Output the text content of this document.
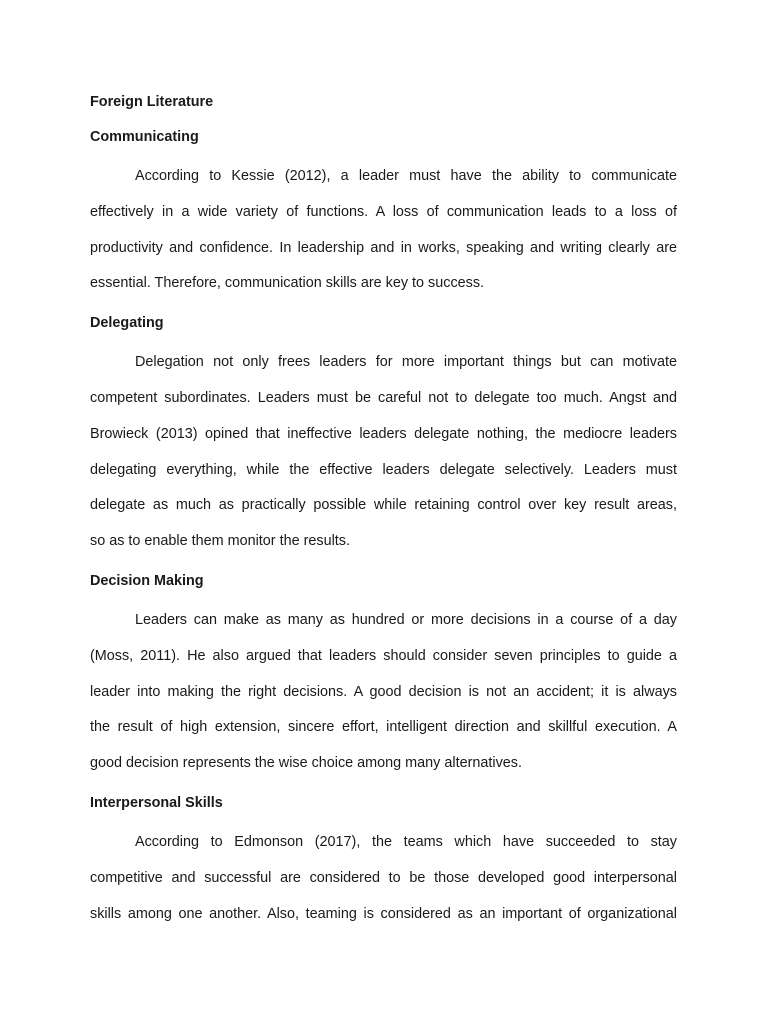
Foreign Literature
Communicating
According to Kessie (2012), a leader must have the ability to communicate
effectively in a wide variety of functions. A loss of communication leads to a loss of
productivity and confidence. In leadership and in works, speaking and writing clearly are
essential. Therefore, communication skills are key to success.
Delegating
Delegation not only frees leaders for more important things but can motivate
competent subordinates. Leaders must be careful not to delegate too much. Angst and
Browieck (2013) opined that ineffective leaders delegate nothing, the mediocre leaders
delegating everything, while the effective leaders delegate selectively. Leaders must
delegate as much as practically possible while retaining control over key result areas,
so as to enable them monitor the results.
Decision Making
Leaders can make as many as hundred or more decisions in a course of a day
(Moss, 2011). He also argued that leaders should consider seven principles to guide a
leader into making the right decisions. A good decision is not an accident; it is always
the result of high extension, sincere effort, intelligent direction and skillful execution. A
good decision represents the wise choice among many alternatives.
Interpersonal Skills
According to Edmonson (2017), the teams which have succeeded to stay
competitive and successful are considered to be those developed good interpersonal
skills among one another. Also, teaming is considered as an important of organizational
